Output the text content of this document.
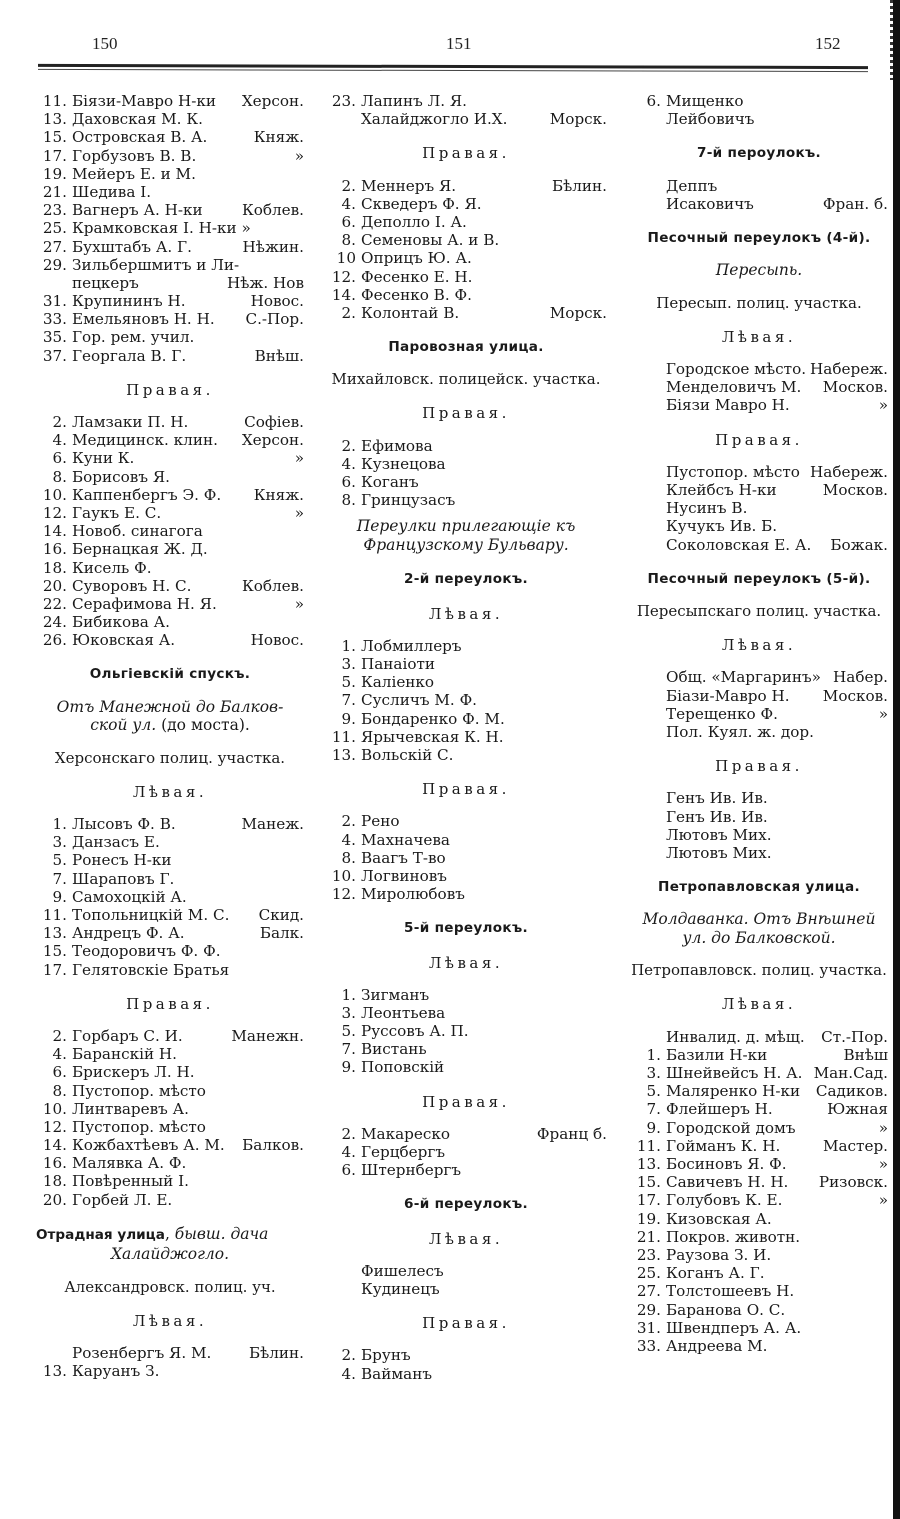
150	151	152
11. Біязи-Мавро Н-ки	Херсон.
13. Даховская М. К.
15. Островская В. А.	Княж.
17. Горбузовъ В. В.	»
19. Мейеръ Е. и М.
21. Шедива I.
23. Вагнеръ А. Н-ки	Коблев.
25. Крамковская I. Н-ки »
27. Бухштабъ А. Г.	Нѣжин.
29. Зильбершмитъ и Ли-
пецкеръ	Нѣж. Нов
31. Крупининъ Н.	Новос.
33. Емельяновъ Н. Н.	С.-Пор.
35. Гор. рем. учил.
37. Георгала В. Г.	Внѣш.
Правая.
2. Ламзаки П. Н.	Софіев.
4. Медицинск. клин.	Херсон.
6. Куни К.	»
8. Борисовъ Я.
10. Каппенбергъ Э. Ф.	Княж.
12. Гаукъ Е. С.	»
14. Новоб. синагога
16. Бернацкая Ж. Д.
18. Кисель Ф.
20. Суворовъ Н. С.	Коблев.
22. Серафимова Н. Я.	»
24. Бибикова А.
26. Юковская А.	Новос.
Ольгіевскій спускъ.
Отъ Манежной до Балков-
ской ул. (до моста).
Херсонскаго полиц. участка.
Лѣвая.
1. Лысовъ Ф. В.	Манеж.
3. Данзасъ Е.
5. Ронесъ Н-ки
7. Шараповъ Г.
9. Самохоцкій А.
11. Топольницкій М. С.	Скид.
13. Андрецъ Ф. А.	Балк.
15. Теодоровичъ Ф. Ф.
17. Гелятовскіе Братья
Правая.
2. Горбаръ С. И.	Манежн.
4. Баранскій Н.
6. Брискеръ Л. Н.
8. Пустопор. мѣсто
10. Линтваревъ А.
12. Пустопор. мѣсто
14. Кожбахтѣевъ А. М.	Балков.
16. Малявка А. Ф.
18. Повѣренный I.
20. Горбей Л. Е.
Отрадная улица, бывш. дача
Халайджогло.
Александровск. полиц. уч.
Лѣвая.
Розенбергъ Я. М.	Бѣлин.
13. Каруанъ З.
23. Лапинъ Л. Я.
Халайджогло И.Х.	Морск.
Правая.
2. Меннеръ Я.	Бѣлин.
4. Скведеръ Ф. Я.
6. Деполло I. А.
8. Семеновы А. и В.
10 Оприцъ Ю. А.
12. Фесенко Е. Н.
14. Фесенко В. Ф.
2. Колонтай В.	Морск.
Паровозная улица.
Михайловск. полицейск. участка.
Правая.
2. Ефимова
4. Кузнецова
6. Коганъ
8. Гринцузасъ
Переулки прилегающіе къ
Французскому Бульвару.
2-й переулокъ.
Лѣвая.
1. Лобмиллеръ
3. Панаіоти
5. Каліенко
7. Сусличъ М. Ф.
9. Бондаренко Ф. М.
11. Ярычевская К. Н.
13. Вольскій С.
Правая.
2. Рено
4. Махначева
8. Ваагъ Т-во
10. Логвиновъ
12. Миролюбовъ
5-й переулокъ.
Лѣвая.
1. Зигманъ
3. Леонтьева
5. Руссовъ А. П.
7. Вистань
9. Поповскій
Правая.
2. Макареско	Франц б.
4. Герцбергъ
6. Штернбергъ
6-й переулокъ.
Лѣвая.
Фишелесъ
Кудинецъ
Правая.
2. Брунъ
4. Вайманъ
6. Мищенко
Лейбовичъ
7-й пероулокъ.
Деппъ
Исаковичъ	Фран. б.
Песочный переулокъ (4-й).
Пересыпь.
Пересып. полиц. участка.
Лѣвая.
Городское мѣсто. Набереж.
Менделовичъ М.	Москов.
Біязи Мавро Н.	»
Правая.
Пустопор. мѣсто Набереж.
Клейбсъ Н-ки	Москов.
Нусинъ В.
Кучукъ Ив. Б.
Соколовская Е. А.	Божак.
Песочный переулокъ (5-й).
Пересыпскаго полиц. участка.
Лѣвая.
Общ. «Маргаринъ» Набер.
Біази-Мавро Н.	Москов.
Терещенко Ф.	»
Пол. Куял. ж. дор.
Правая.
Генъ Ив. Ив.
Генъ Ив. Ив.
Лютовъ Мих.
Лютовъ Мих.
Петропавловская улица.
Молдаванка. Отъ Внѣшней
ул. до Балковской.
Петропавловск. полиц. участка.
Лѣвая.
Инвалид. д. мѣщ.	Ст.-Пор.
1. Базили Н-ки	Внѣш
3. Шнейвейсъ Н. А. Ман.Сад.
5. Маляренко Н-ки	Садиков.
7. Флейшеръ Н.	Южная
9. Городской домъ	»
11. Гойманъ К. Н.	Мастер.
13. Босиновъ Я. Ф.	»
15. Савичевъ Н. Н.	Ризовск.
17. Голубовъ К. Е.	»
19. Кизовская А.
21. Покров. животн.
23. Раузова З. И.
25. Коганъ А. Г.
27. Толстошеевъ Н.
29. Баранова О. С.
31. Швендперъ А. А.
33. Андреева М.
